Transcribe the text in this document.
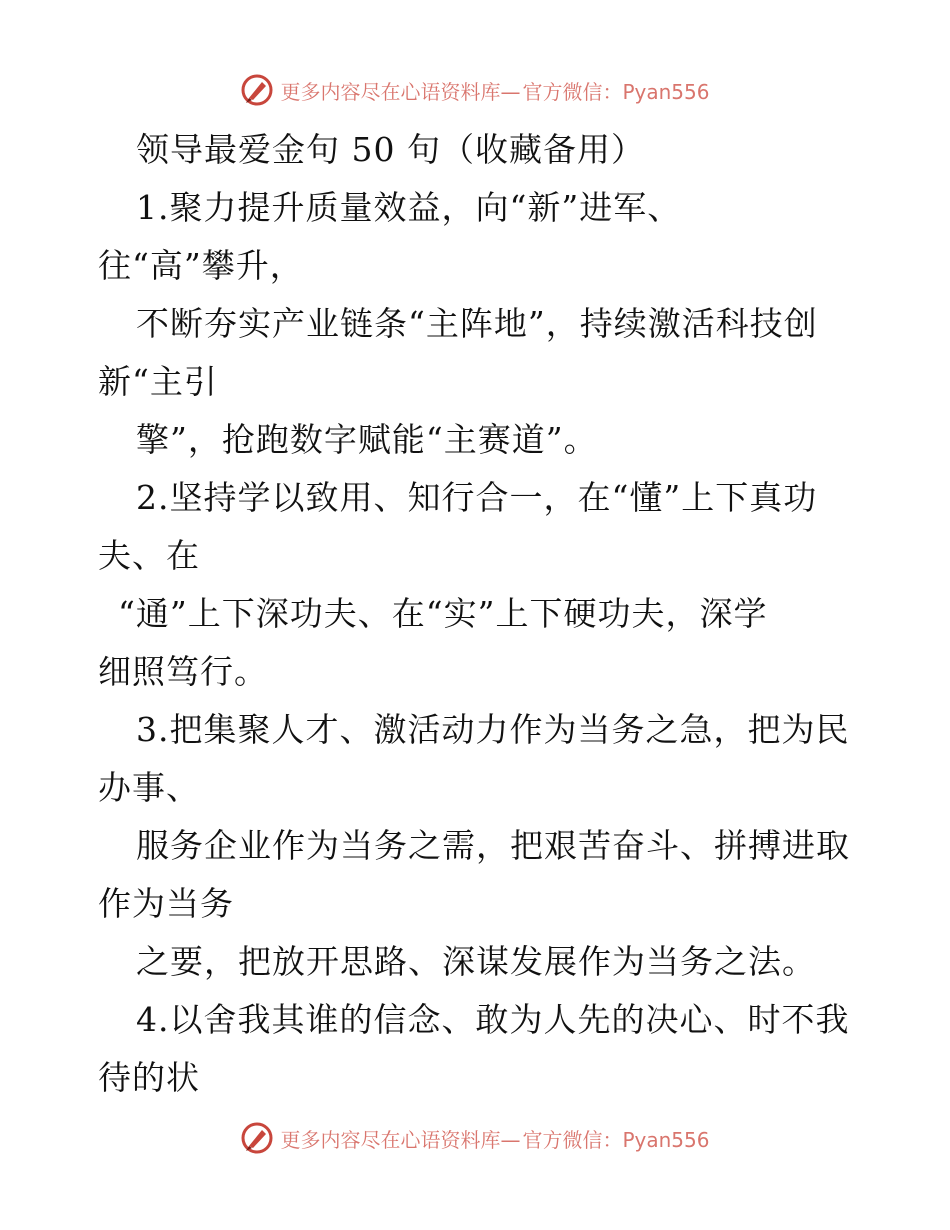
更多内容尽在心语资料库— 官方微信：Pyan556
领导最爱金句 50 句（收藏备用）
1.聚力提升质量效益，向“新”进军、
往“高”攀升，
不断夯实产业链条“主阵地”，持续激活科技创
新“主引
擎”，抢跑数字赋能“主赛道”。
2.坚持学以致用、知行合一，在“懂”上下真功
夫、在
“通”上下深功夫、在“实”上下硬功夫，深学
细照笃行。
3.把集聚人才、激活动力作为当务之急，把为民
办事、
服务企业作为当务之需，把艰苦奋斗、拼搏进取
作为当务
之要，把放开思路、深谋发展作为当务之法。
4.以舍我其谁的信念、敢为人先的决心、时不我
待的状
更多内容尽在心语资料库— 官方微信：Pyan556
